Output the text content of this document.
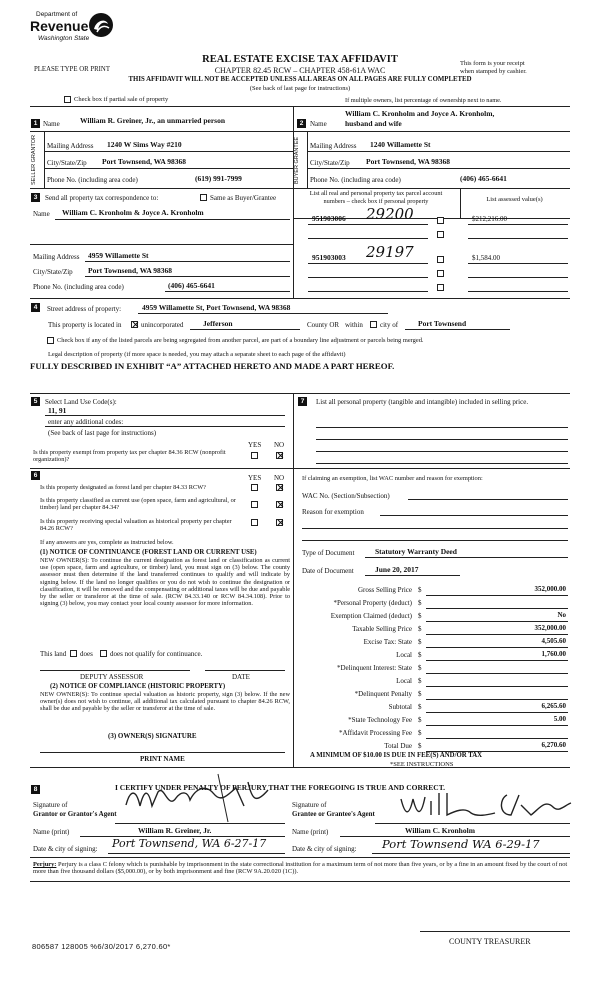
Department of
Revenue
Washington State
REAL ESTATE EXCISE TAX AFFIDAVIT
CHAPTER 82.45 RCW – CHAPTER 458-61A WAC
THIS AFFIDAVIT WILL NOT BE ACCEPTED UNLESS ALL AREAS ON ALL PAGES ARE FULLY COMPLETED
(See back of last page for instructions)
PLEASE TYPE OR PRINT
This form is your receipt
when stamped by cashier.
Check box if partial sale of property	If multiple owners, list percentage of ownership next to name.
1 Name	William R. Greiner, Jr., an unmarried person
SELLER GRANTOR	Mailing Address 1240 W Sims Way #210
City/State/Zip Port Townsend, WA 98368
Phone No. (including area code)	(619) 991-7999
2 Name
William C. Kronholm and Joyce A. Kronholm,
husband and wife
BUYER GRANTEE	Mailing Address 1240 Willamette St
City/State/Zip Port Townsend, WA 98368
Phone No. (including area code)	(406) 465-6641
3	Send all property tax correspondence to:	Same as Buyer/Grantee
Name William C. Kronholm & Joyce A. Kronholm
Mailing Address 4959 Willamette St
City/State/Zip Port Townsend, WA 98368
Phone No. (including area code)	(406) 465-6641
List all real and personal property tax parcel account
numbers – check box if personal property	List assessed value(s)
951903006 29200	$212,216.00
951903003 29197	$1,584.00
4	Street address of property:	4959 Willamette St, Port Townsend, WA 98368
This property is located in	unincorporated	Jefferson	County OR within city of	Port Townsend
Check box if any of the listed parcels are being segregated from another parcel, are part of a boundary line adjustment or parcels being merged.
Legal description of property (if more space is needed, you may attach a separate sheet to each page of the affidavit)
FULLY DESCRIBED IN EXHIBIT “A” ATTACHED HERETO AND MADE A PART HEREOF.
5	Select Land Use Code(s):
11, 91
enter any additional codes:
(See back of last page for instructions)
YES NO
Is this property exempt from property tax per chapter 84.36 RCW (nonprofit organization)?
7	List all personal property (tangible and intangible) included in selling price.
6	YES NO
Is this property designated as forest land per chapter 84.33 RCW?
Is this property classified as current use (open space, farm and agricultural, or timber) land per chapter 84.34?
Is this property receiving special valuation as historical property per chapter 84.26 RCW?
If any answers are yes, complete as instructed below.
(1) NOTICE OF CONTINUANCE (FOREST LAND OR CURRENT USE)
NEW OWNER(S): To continue the current designation as forest land or classification as current use (open space, farm and agriculture, or timber) land, you must sign on (3) below. The county assessor must then determine if the land transferred continues to qualify and will indicate by signing below. If the land no longer qualifies or you do not wish to continue the designation or classification, it will be removed and the compensating or additional taxes will be due and payable by the seller or transferor at the time of sale. (RCW 84.33.140 or RCW 84.34.108). Prior to signing (3) below, you may contact your local county assessor for more information.
This land does does not qualify for continuance.
DEPUTY ASSESSOR	DATE
(2) NOTICE OF COMPLIANCE (HISTORIC PROPERTY)
NEW OWNER(S): To continue special valuation as historic property, sign (3) below. If the new owner(s) does not wish to continue, all additional tax calculated pursuant to chapter 84.26 RCW, shall be due and payable by the seller or transferor at the time of sale.
(3) OWNER(S) SIGNATURE
PRINT NAME
If claiming an exemption, list WAC number and reason for exemption:
WAC No. (Section/Subsection)
Reason for exemption
Type of Document	Statutory Warranty Deed
Date of Document	June 20, 2017
Gross Selling Price $	352,000.00
*Personal Property (deduct) $
Exemption Claimed (deduct) $	No
Taxable Selling Price $	352,000.00
Excise Tax: State $	4,505.60
Local $	1,760.00
*Delinquent Interest: State $
Local $
*Delinquent Penalty $
Subtotal $	6,265.60
*State Technology Fee $	5.00
*Affidavit Processing Fee $
Total Due $	6,270.60
A MINIMUM OF $10.00 IS DUE IN FEE(S) AND/OR TAX
*SEE INSTRUCTIONS
8	I CERTIFY UNDER PENALTY OF PERJURY THAT THE FOREGOING IS TRUE AND CORRECT.
Signature of
Grantor or Grantor's Agent
Signature of
Grantee or Grantee's Agent
Name (print)	William R. Greiner, Jr.	Name (print)	William C. Kronholm
Date & city of signing: Port Townsend, WA 6-27-17	Date & city of signing: Port Townsend WA 6-29-17
Perjury: Perjury is a class C felony which is punishable by imprisonment in the state correctional institution for a maximum term of not more than five years, or by a fine in an amount fixed by the court of not more than five thousand dollars ($5,000.00), or by both imprisonment and fine (RCW 9A.20.020 (1C)).
806587 128005 %6/30/2017 6,270.60*
COUNTY TREASURER
